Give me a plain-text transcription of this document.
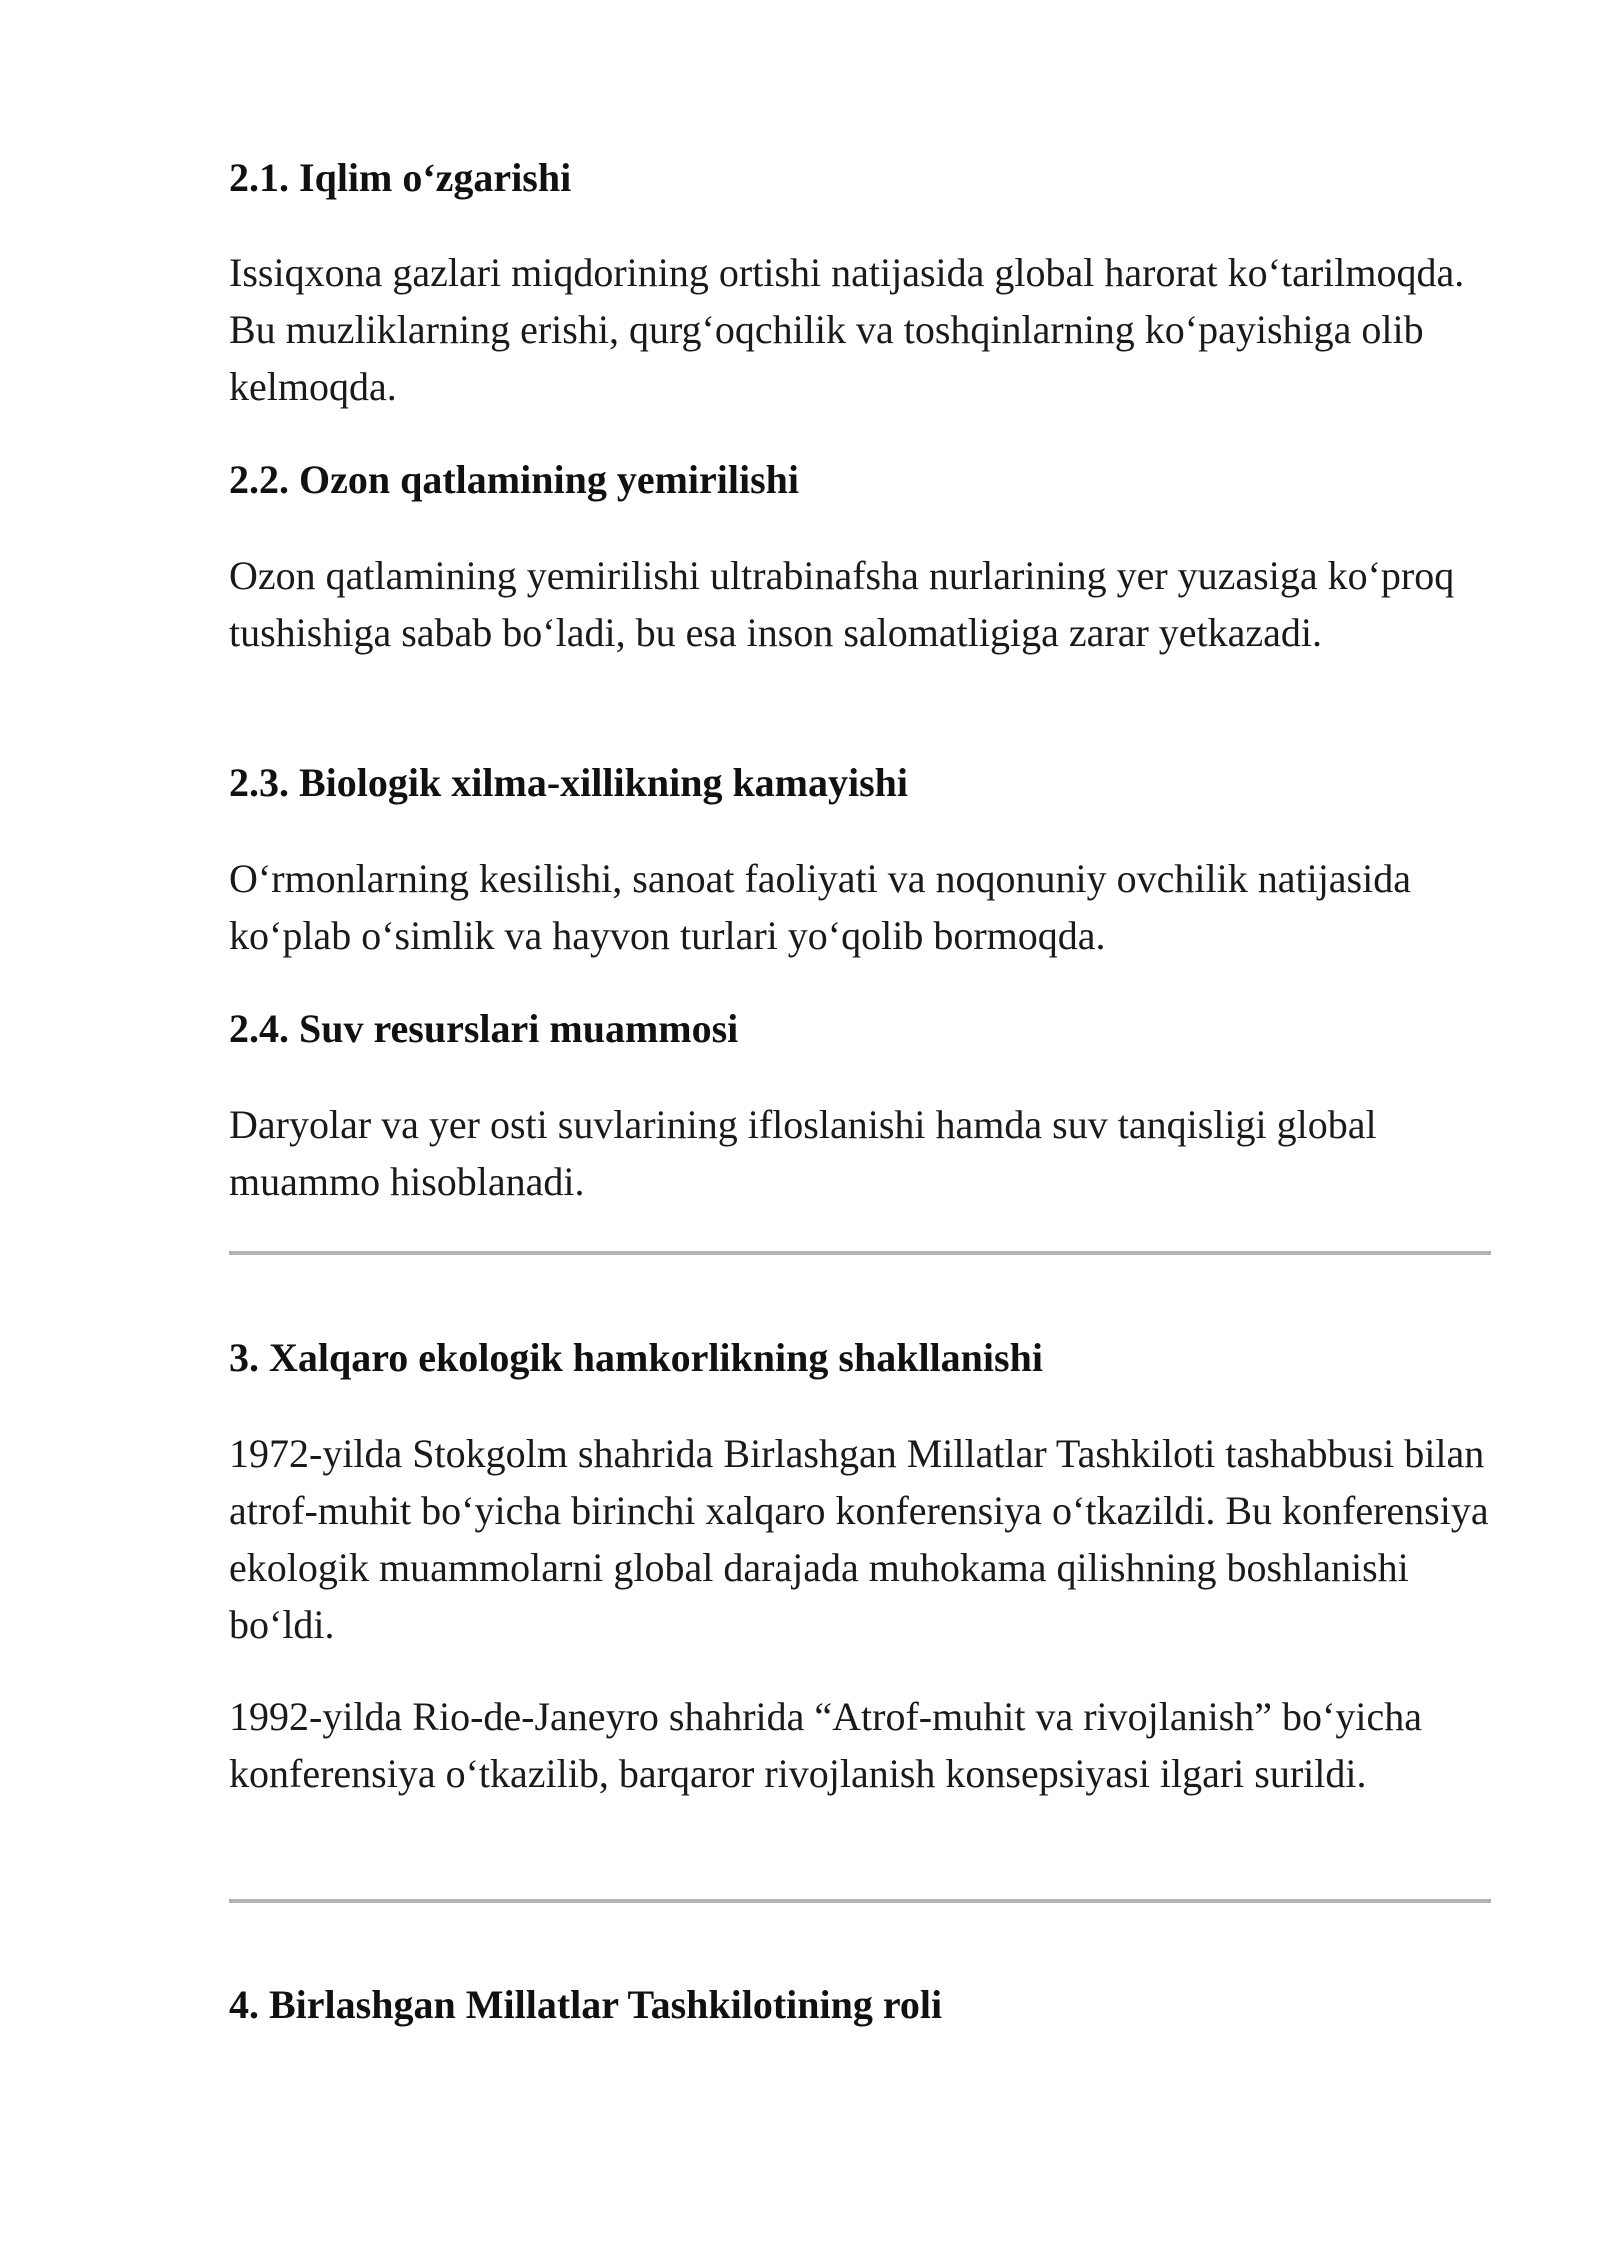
2.1. Iqlim o‘zgarishi

Issiqxona gazlari miqdorining ortishi natijasida global harorat ko‘tarilmoqda. Bu muzliklarning erishi, qurg‘oqchilik va toshqinlarning ko‘payishiga olib kelmoqda.

2.2. Ozon qatlamining yemirilishi

Ozon qatlamining yemirilishi ultrabinafsha nurlarining yer yuzasiga ko‘proq tushishiga sabab bo‘ladi, bu esa inson salomatligiga zarar yetkazadi.

2.3. Biologik xilma-xillikning kamayishi

O‘rmonlarning kesilishi, sanoat faoliyati va noqonuniy ovchilik natijasida ko‘plab o‘simlik va hayvon turlari yo‘qolib bormoqda.

2.4. Suv resurslari muammosi

Daryolar va yer osti suvlarining ifloslanishi hamda suv tanqisligi global muammo hisoblanadi.

3. Xalqaro ekologik hamkorlikning shakllanishi

1972-yilda Stokgolm shahrida Birlashgan Millatlar Tashkiloti tashabbusi bilan atrof-muhit bo‘yicha birinchi xalqaro konferensiya o‘tkazildi. Bu konferensiya ekologik muammolarni global darajada muhokama qilishning boshlanishi bo‘ldi.

1992-yilda Rio-de-Janeyro shahrida “Atrof-muhit va rivojlanish” bo‘yicha konferensiya o‘tkazilib, barqaror rivojlanish konsepsiyasi ilgari surildi.

4. Birlashgan Millatlar Tashkilotining roli
